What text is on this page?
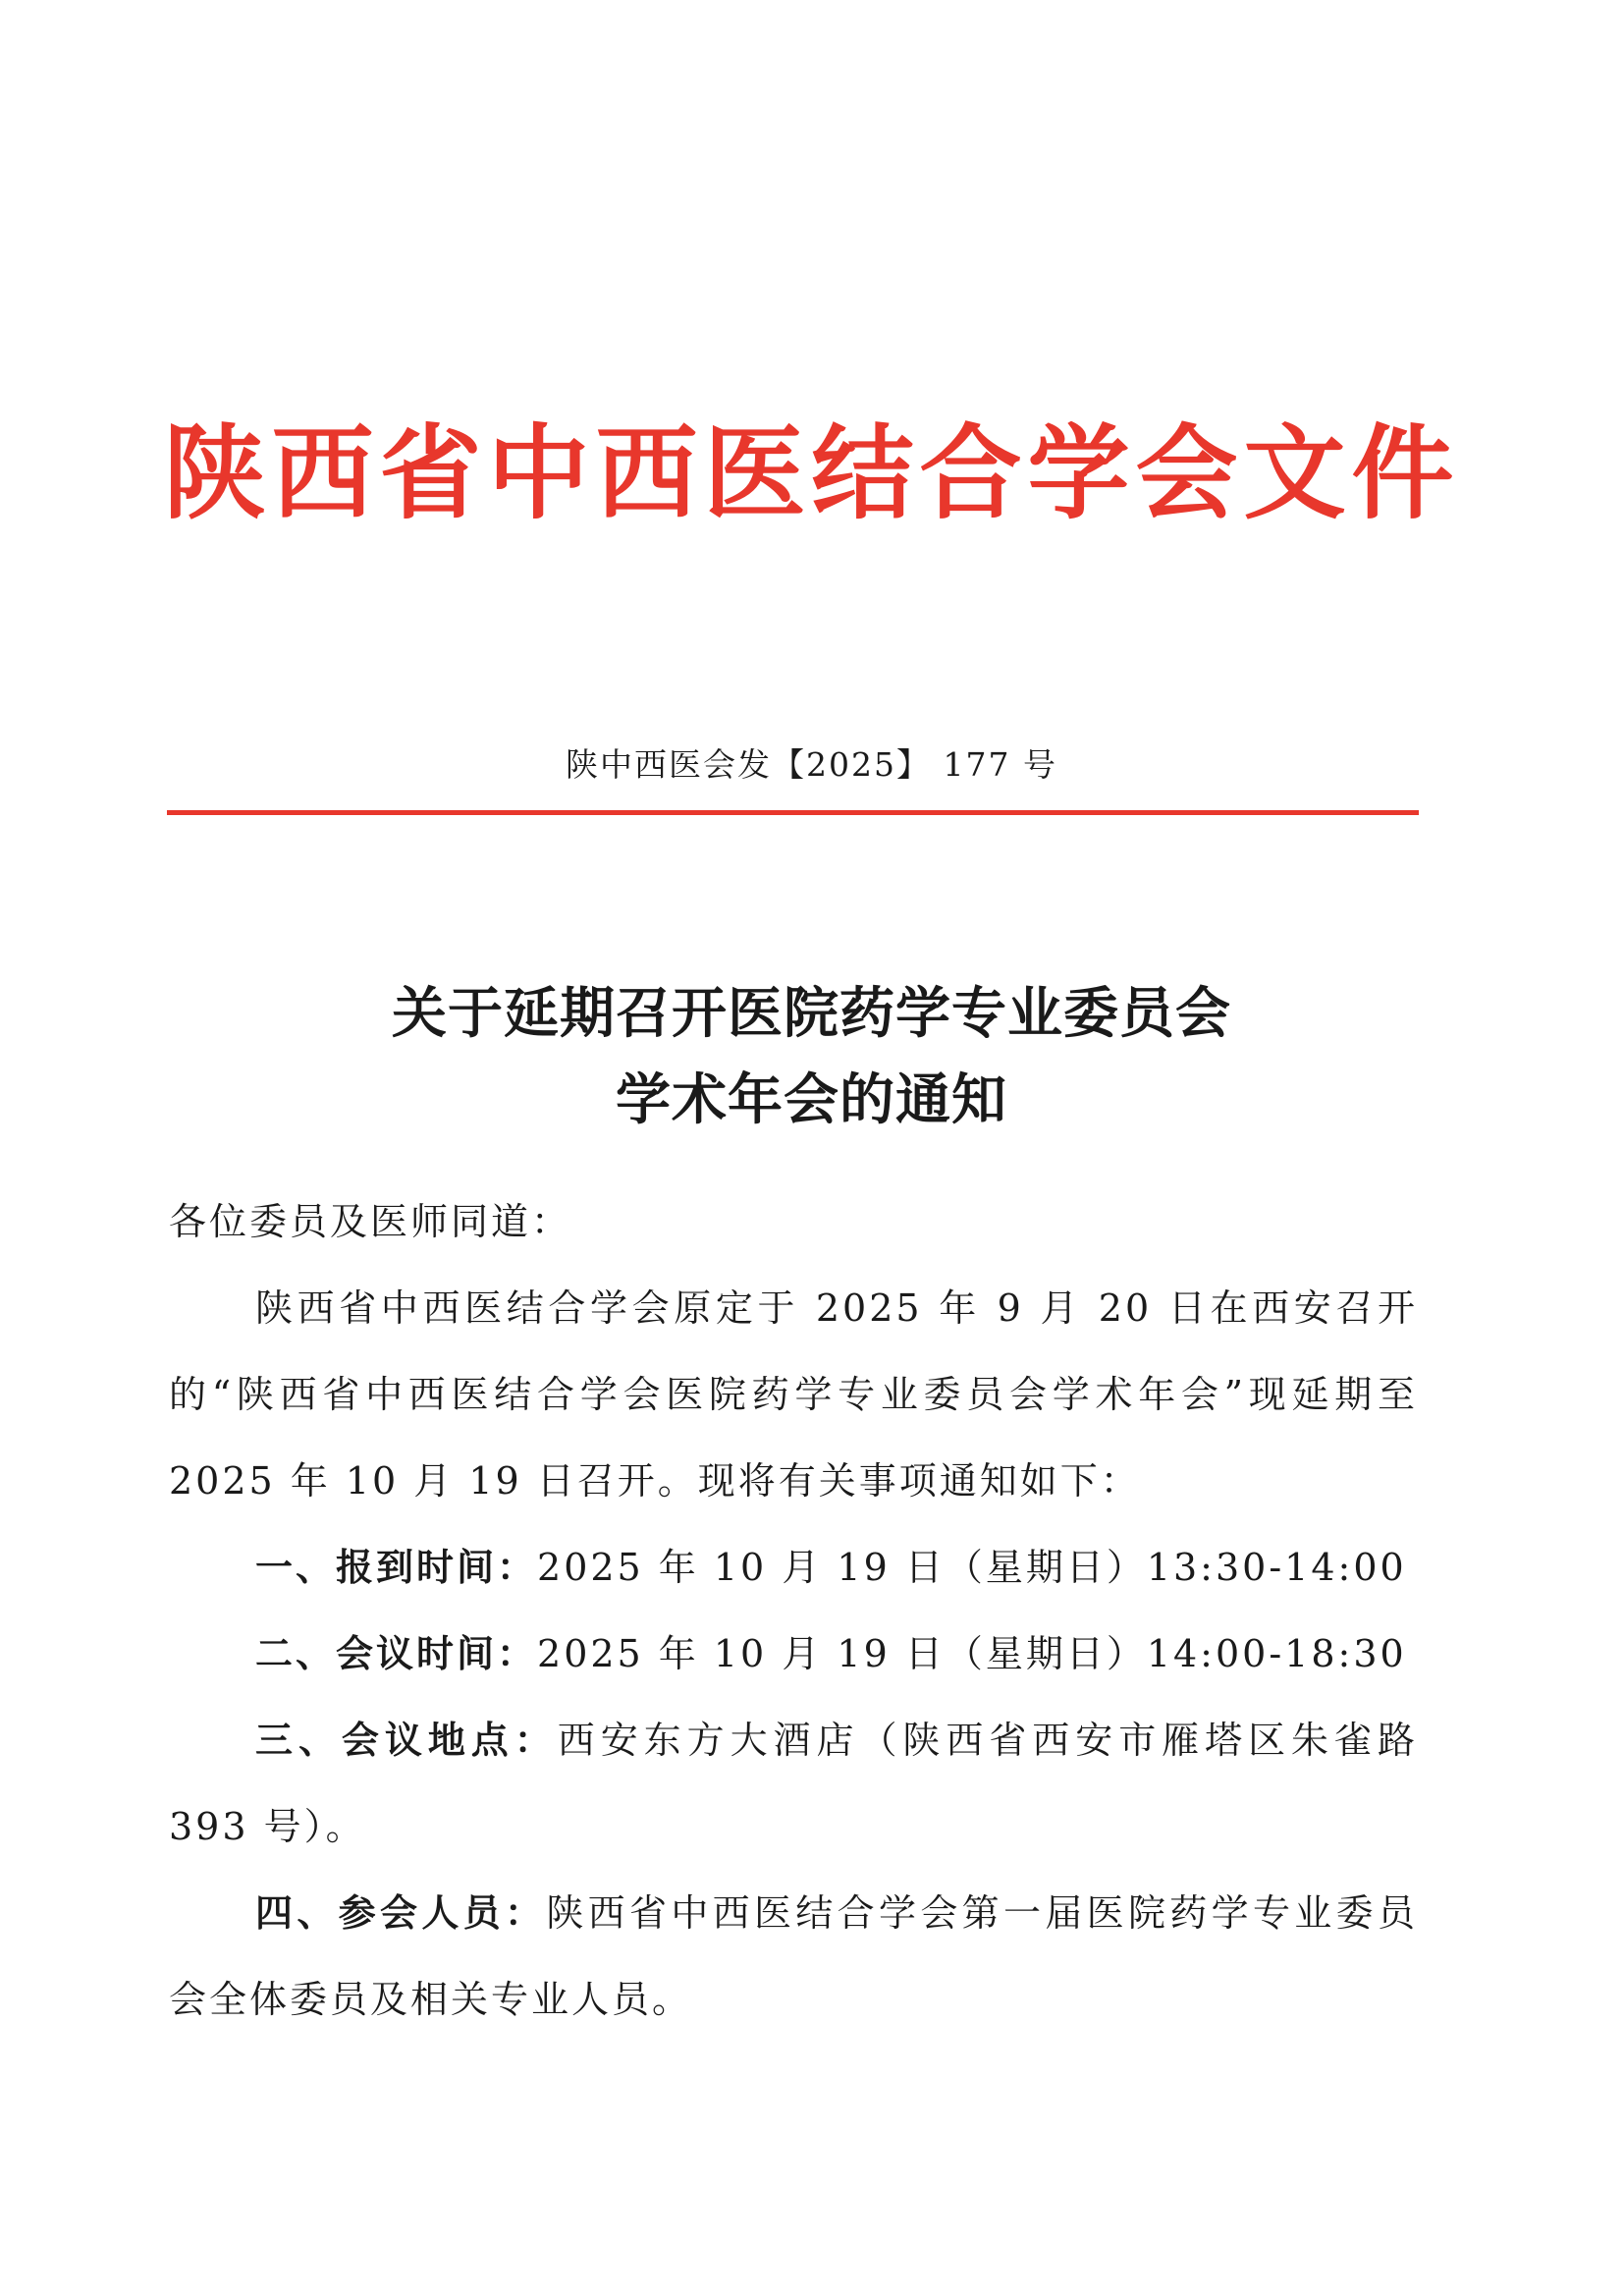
陕西省中西医结合学会文件
陕中西医会发【2025】 177 号
关于延期召开医院药学专业委员会
学术年会的通知

各位委员及医师同道：

陕西省中西医结合学会原定于 2025 年 9 月 20 日在西安召开的“陕西省中西医结合学会医院药学专业委员会学术年会”现延期至 2025 年 10 月 19 日召开。现将有关事项通知如下：

一、报到时间：2025 年 10 月 19 日（星期日）13:30-14:00

二、会议时间：2025 年 10 月 19 日（星期日）14:00-18:30

三、会议地点：西安东方大酒店（陕西省西安市雁塔区朱雀路 393 号）。

四、参会人员：陕西省中西医结合学会第一届医院药学专业委员会全体委员及相关专业人员。
